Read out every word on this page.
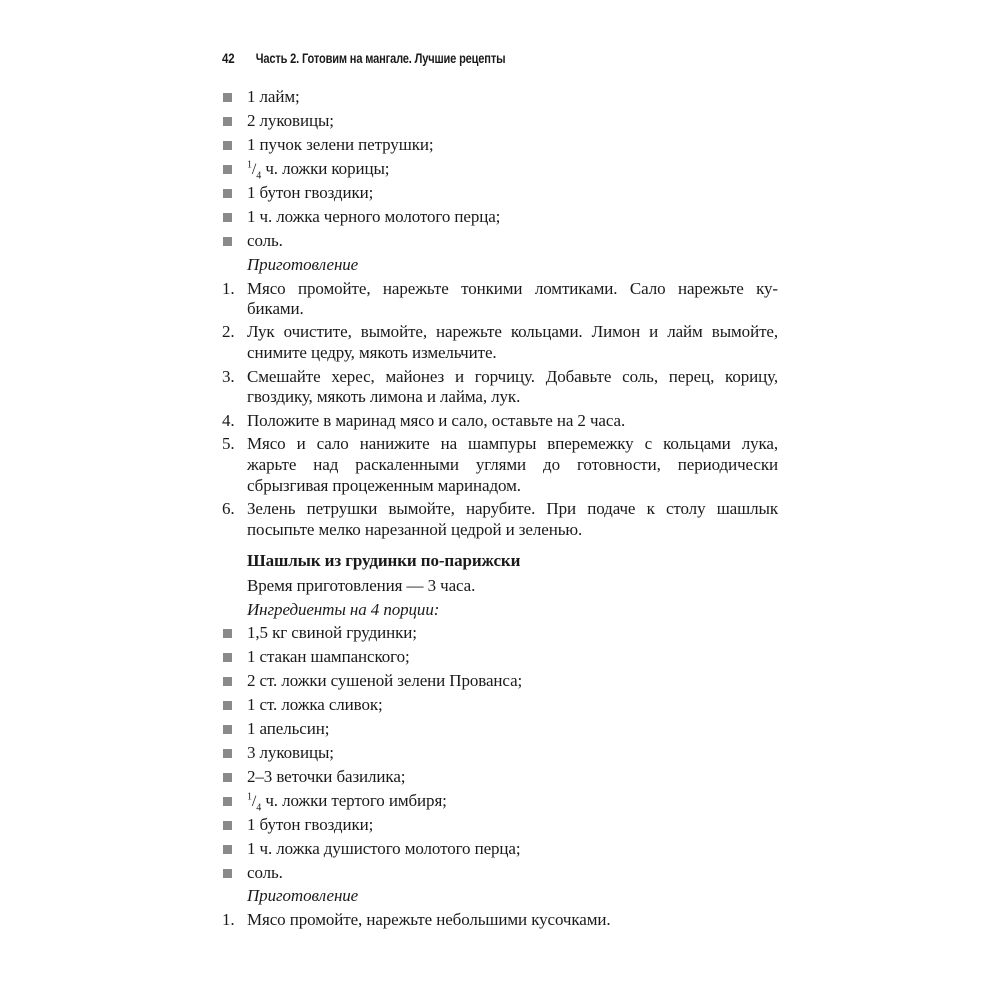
42 Часть 2. Готовим на мангале. Лучшие рецепты
1 лайм;
2 луковицы;
1 пучок зелени петрушки;
$^1/_4$ ч. ложки корицы;
1 бутон гвоздики;
1 ч. ложка черного молотого перца;
соль.
Приготовление
1. Мясо промойте, нарежьте тонкими ломтиками. Сало нарежьте ку-
биками.
2. Лук очистите, вымойте, нарежьте кольцами. Лимон и лайм вымойте,
снимите цедру, мякоть измельчите.
3. Смешайте херес, майонез и горчицу. Добавьте соль, перец, корицу,
гвоздику, мякоть лимона и лайма, лук.
4. Положите в маринад мясо и сало, оставьте на 2 часа.
5. Мясо и сало нанижите на шампуры вперемежку с кольцами лука,
жарьте над раскаленными углями до готовности, периодически
сбрызгивая процеженным маринадом.
6. Зелень петрушки вымойте, нарубите. При подаче к столу шашлык
посыпьте мелко нарезанной цедрой и зеленью.
Шашлык из грудинки по-парижски
Время приготовления — 3 часа.
Ингредиенты на 4 порции:
1,5 кг свиной грудинки;
1 стакан шампанского;
2 ст. ложки сушеной зелени Прованса;
1 ст. ложка сливок;
1 апельсин;
3 луковицы;
2–3 веточки базилика;
$^1/_4$ ч. ложки тертого имбиря;
1 бутон гвоздики;
1 ч. ложка душистого молотого перца;
соль.
Приготовление
1. Мясо промойте, нарежьте небольшими кусочками.
